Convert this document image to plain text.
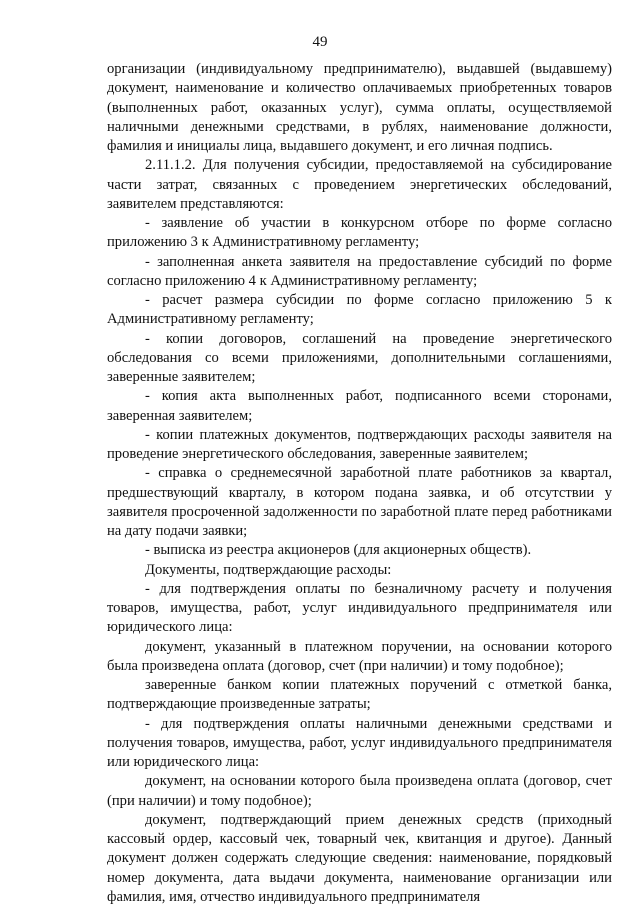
49

организации (индивидуальному предпринимателю), выдавшей (выдавшему) документ, наименование и количество оплачиваемых приобретенных товаров (выполненных работ, оказанных услуг), сумма оплаты, осуществляемой наличными денежными средствами, в рублях, наименование должности, фамилия и инициалы лица, выдавшего документ, и его личная подпись.

2.11.1.2. Для получения субсидии, предоставляемой на субсидирование части затрат, связанных с проведением энергетических обследований, заявителем представляются:

- заявление об участии в конкурсном отборе по форме согласно приложению 3 к Административному регламенту;

- заполненная анкета заявителя на предоставление субсидий по форме согласно приложению 4 к Административному регламенту;

- расчет размера субсидии по форме согласно приложению 5 к Административному регламенту;

- копии договоров, соглашений на проведение энергетического обследования со всеми приложениями, дополнительными соглашениями, заверенные заявителем;

- копия акта выполненных работ, подписанного всеми сторонами, заверенная заявителем;

- копии платежных документов, подтверждающих расходы заявителя на проведение энергетического обследования, заверенные заявителем;

- справка о среднемесячной заработной плате работников за квартал, предшествующий кварталу, в котором подана заявка, и об отсутствии у заявителя просроченной задолженности по заработной плате перед работниками на дату подачи заявки;

- выписка из реестра акционеров (для акционерных обществ).

Документы, подтверждающие расходы:

- для подтверждения оплаты по безналичному расчету и получения товаров, имущества, работ, услуг индивидуального предпринимателя или юридического лица:

документ, указанный в платежном поручении, на основании которого была произведена оплата (договор, счет (при наличии) и тому подобное);

заверенные банком копии платежных поручений с отметкой банка, подтверждающие произведенные затраты;

- для подтверждения оплаты наличными денежными средствами и получения товаров, имущества, работ, услуг индивидуального предпринимателя или юридического лица:

документ, на основании которого была произведена оплата (договор, счет (при наличии) и тому подобное);

документ, подтверждающий прием денежных средств (приходный кассовый ордер, кассовый чек, товарный чек, квитанция и другое). Данный документ должен содержать следующие сведения: наименование, порядковый номер документа, дата выдачи документа, наименование организации или фамилия, имя, отчество индивидуального предпринимателя
